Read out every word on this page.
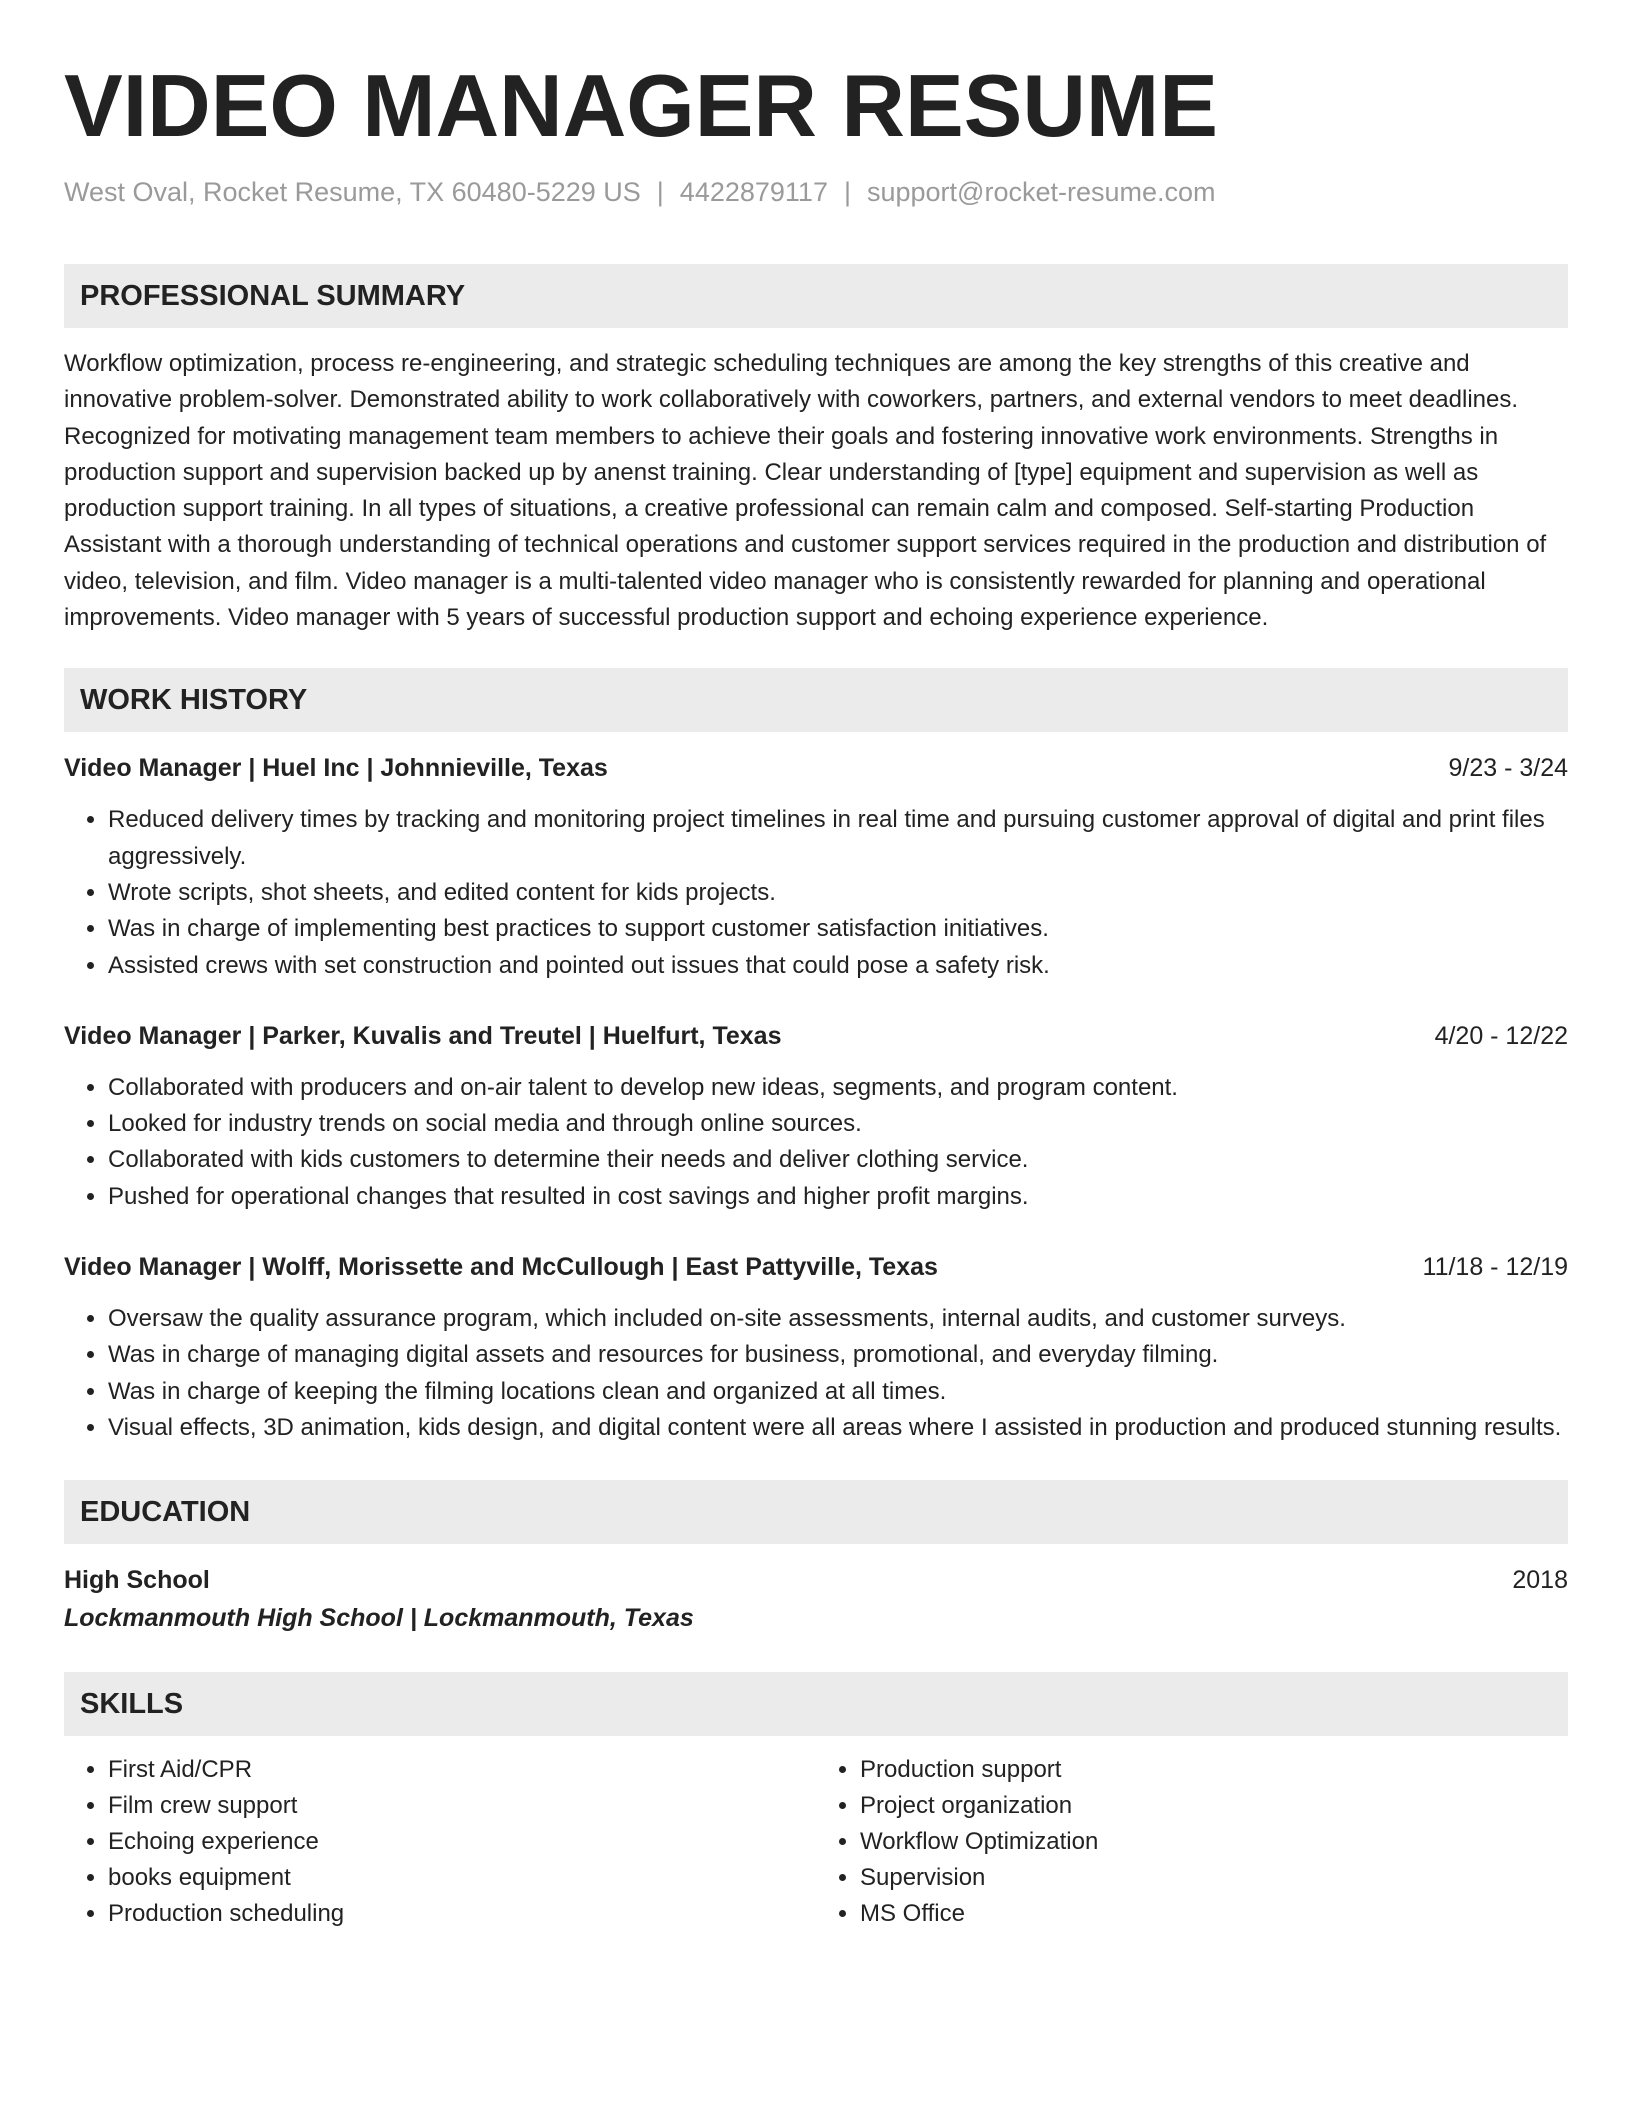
VIDEO MANAGER RESUME
West Oval, Rocket Resume, TX 60480-5229 US | 4422879117 | support@rocket-resume.com
PROFESSIONAL SUMMARY

Workflow optimization, process re-engineering, and strategic scheduling techniques are among the key strengths of this creative and innovative problem-solver. Demonstrated ability to work collaboratively with coworkers, partners, and external vendors to meet deadlines. Recognized for motivating management team members to achieve their goals and fostering innovative work environments. Strengths in production support and supervision backed up by anenst training. Clear understanding of [type] equipment and supervision as well as production support training. In all types of situations, a creative professional can remain calm and composed. Self-starting Production Assistant with a thorough understanding of technical operations and customer support services required in the production and distribution of video, television, and film. Video manager is a multi-talented video manager who is consistently rewarded for planning and operational improvements. Video manager with 5 years of successful production support and echoing experience experience.

WORK HISTORY
Video Manager | Huel Inc | Johnnieville, Texas	9/23 - 3/24
• Reduced delivery times by tracking and monitoring project timelines in real time and pursuing customer approval of digital and print files aggressively.
• Wrote scripts, shot sheets, and edited content for kids projects.
• Was in charge of implementing best practices to support customer satisfaction initiatives.
• Assisted crews with set construction and pointed out issues that could pose a safety risk.
Video Manager | Parker, Kuvalis and Treutel | Huelfurt, Texas	4/20 - 12/22
• Collaborated with producers and on-air talent to develop new ideas, segments, and program content.
• Looked for industry trends on social media and through online sources.
• Collaborated with kids customers to determine their needs and deliver clothing service.
• Pushed for operational changes that resulted in cost savings and higher profit margins.
Video Manager | Wolff, Morissette and McCullough | East Pattyville, Texas	11/18 - 12/19
• Oversaw the quality assurance program, which included on-site assessments, internal audits, and customer surveys.
• Was in charge of managing digital assets and resources for business, promotional, and everyday filming.
• Was in charge of keeping the filming locations clean and organized at all times.
• Visual effects, 3D animation, kids design, and digital content were all areas where I assisted in production and produced stunning results.
EDUCATION
High School	2018
Lockmanmouth High School | Lockmanmouth, Texas
SKILLS
• First Aid/CPR
• Film crew support
• Echoing experience
• books equipment
• Production scheduling
• Production support
• Project organization
• Workflow Optimization
• Supervision
• MS Office
